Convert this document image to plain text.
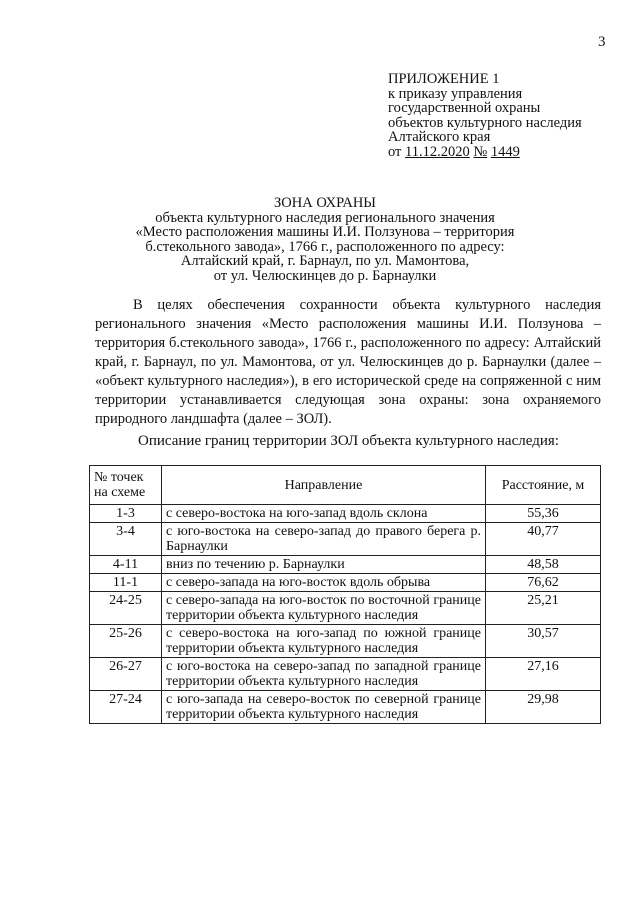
3
ПРИЛОЖЕНИЕ 1
к приказу управления
государственной охраны
объектов культурного наследия
Алтайского края
от 11.12.2020 № 1449
ЗОНА ОХРАНЫ
объекта культурного наследия регионального значения
«Место расположения машины И.И. Ползунова – территория
б.стекольного завода», 1766 г., расположенного по адресу:
Алтайский край, г. Барнаул, по ул. Мамонтова,
от ул. Челюскинцев до р. Барнаулки

В целях обеспечения сохранности объекта культурного наследия регионального значения «Место расположения машины И.И. Ползунова – территория б.стекольного завода», 1766 г., расположенного по адресу: Алтайский край, г. Барнаул, по ул. Мамонтова, от ул. Челюскинцев до р. Барнаулки (далее – «объект культурного наследия»), в его исторической среде на сопряженной с ним территории устанавливается следующая зона охраны: зона охраняемого природного ландшафта (далее – ЗОЛ).

Описание границ территории ЗОЛ объекта культурного наследия:
№ точек на схеме	Направление	Расстояние, м
1-3	с северо-востока на юго-запад вдоль склона	55,36
3-4	с юго-востока на северо-запад до правого берега р. Барнаулки	40,77
4-11	вниз по течению р. Барнаулки	48,58
11-1	с северо-запада на юго-восток вдоль обрыва	76,62
24-25	с северо-запада на юго-восток по восточной границе территории объекта культурного наследия	25,21
25-26	с северо-востока на юго-запад по южной границе территории объекта культурного наследия	30,57
26-27	с юго-востока на северо-запад по западной границе территории объекта культурного наследия	27,16
27-24	с юго-запада на северо-восток по северной границе территории объекта культурного наследия	29,98
